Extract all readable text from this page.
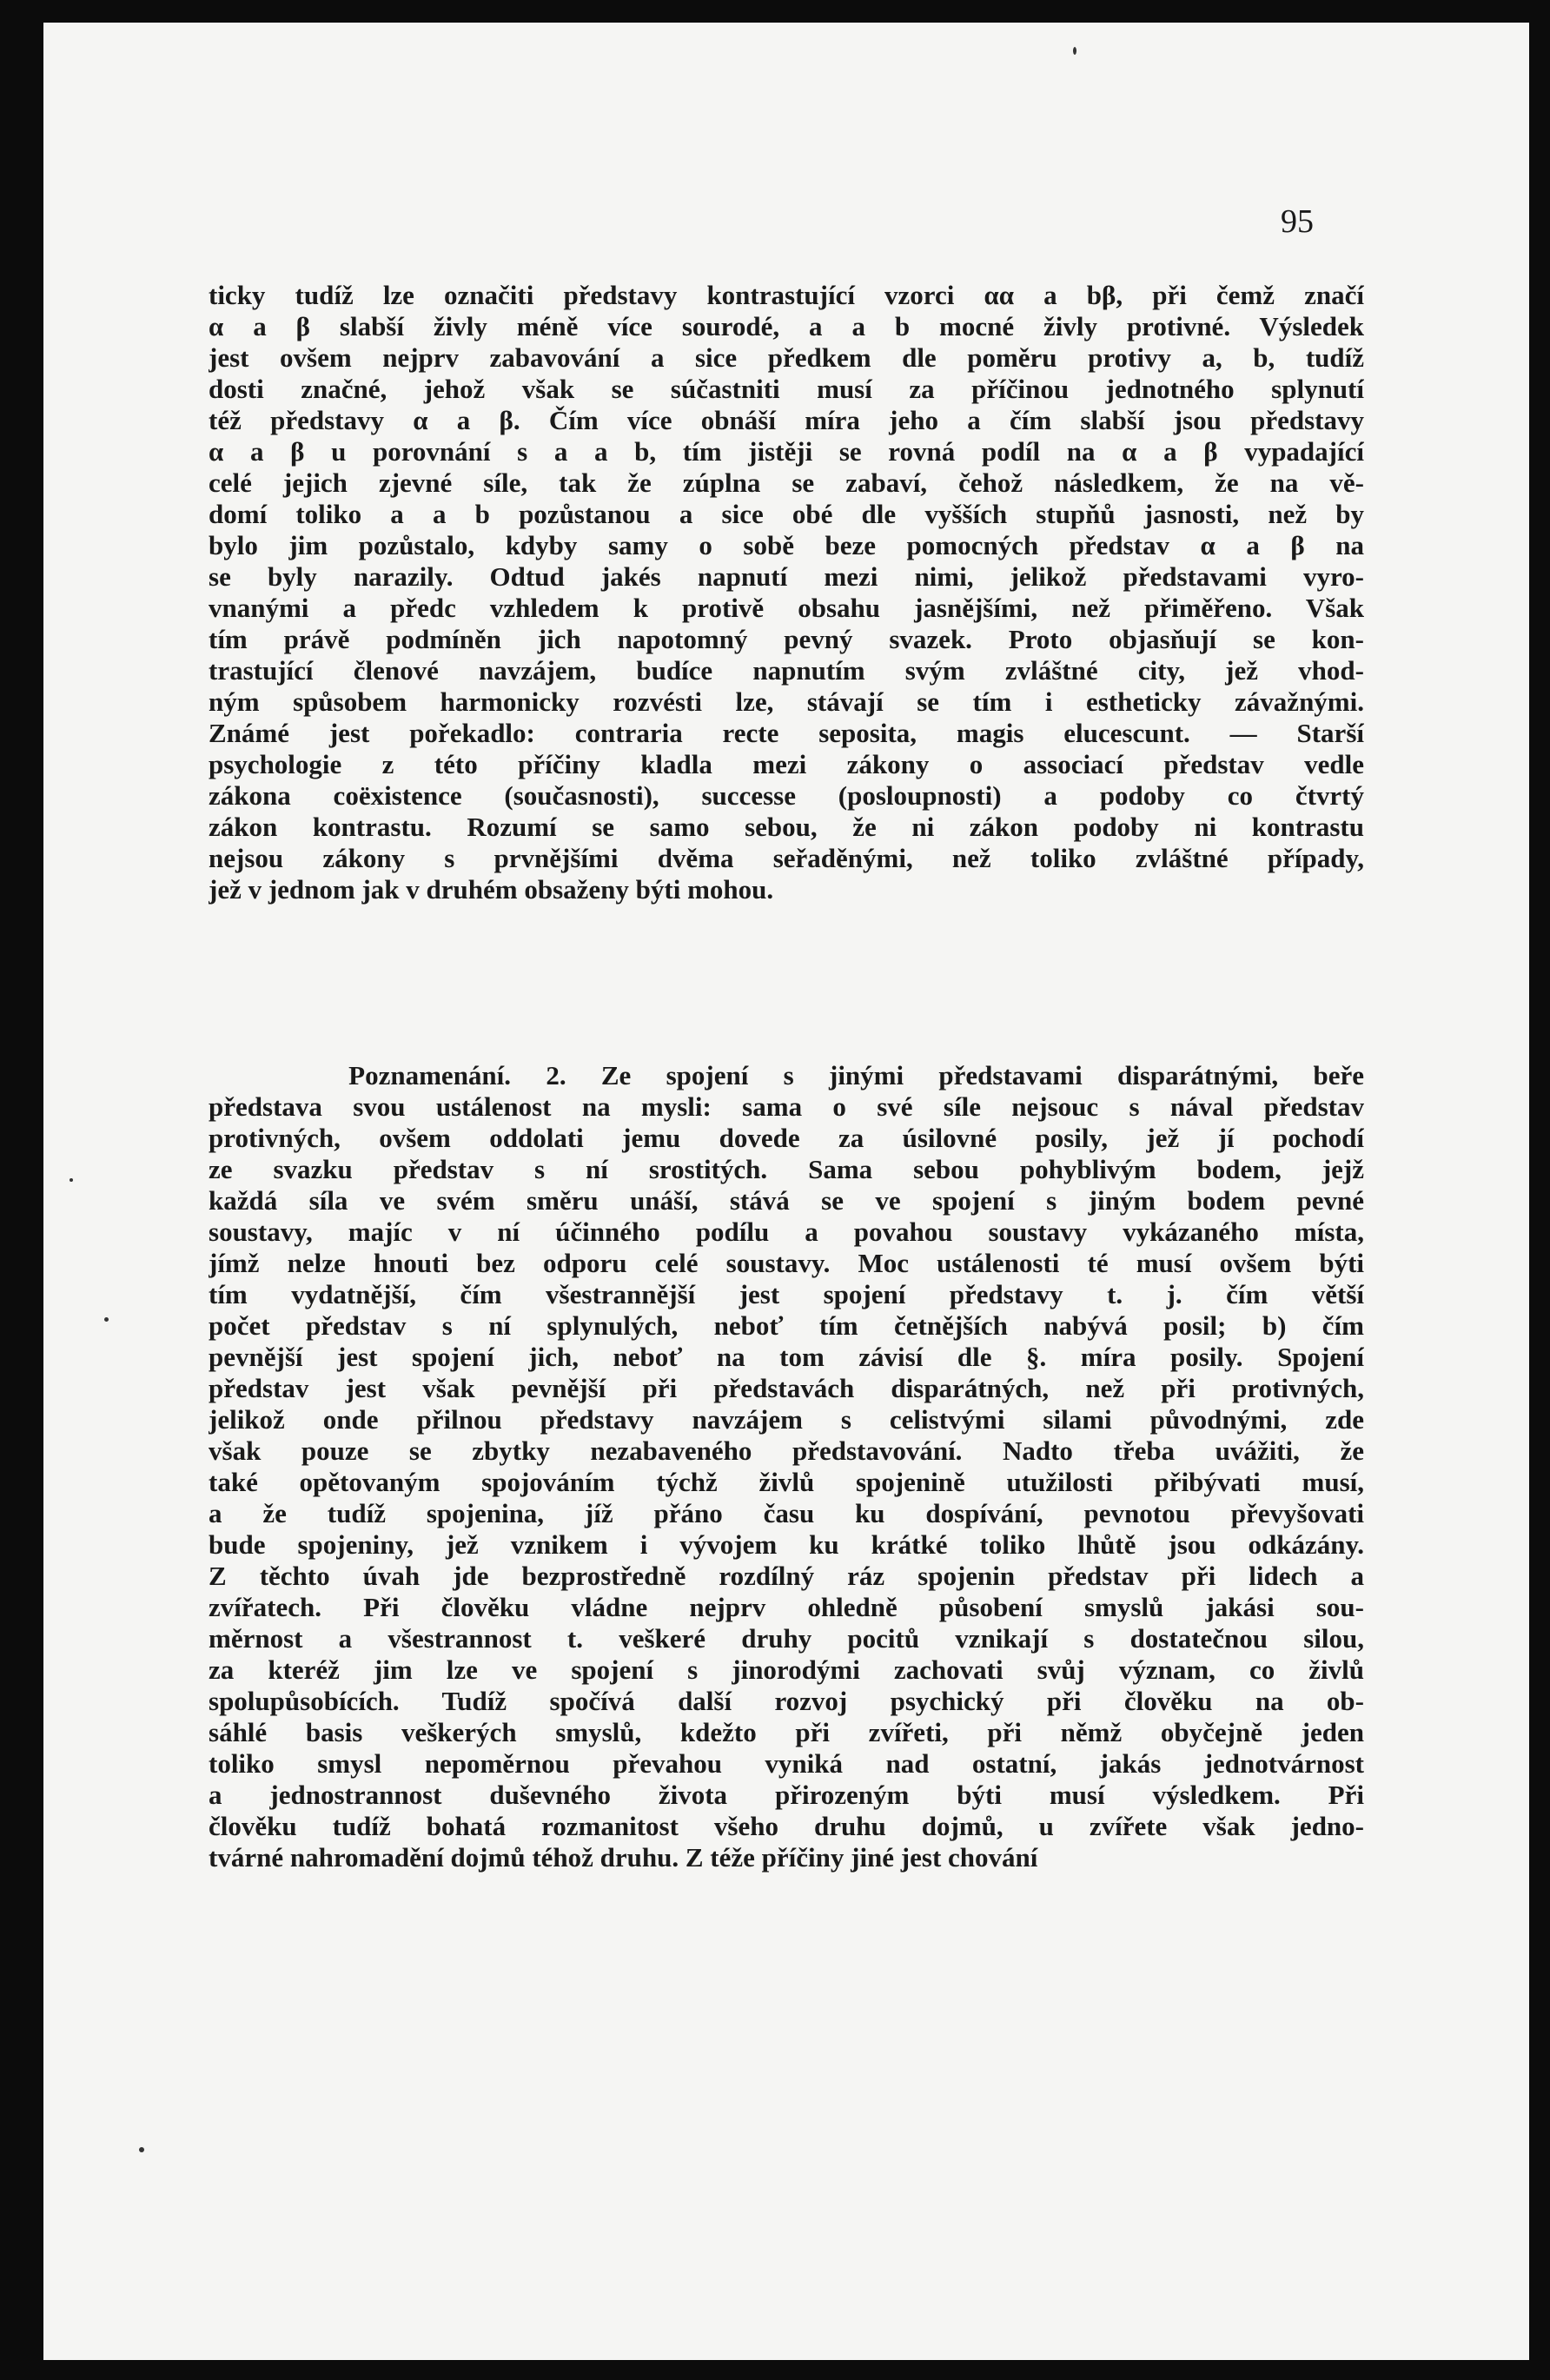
95

ticky tudíž lze označiti představy kontrastující vzorci αα a bβ, při čemž značí
α a β slabší živly méně více sourodé, a a b mocné živly protivné. Výsledek
jest ovšem nejprv zabavování a sice předkem dle poměru protivy a, b, tudíž
dosti značné, jehož však se súčastniti musí za příčinou jednotného splynutí
též představy α a β. Čím více obnáší míra jeho a čím slabší jsou představy
α a β u porovnání s a a b, tím jistěji se rovná podíl na α a β vypadající
celé jejich zjevné síle, tak že zúplna se zabaví, čehož následkem, že na vě-
domí toliko a a b pozůstanou a sice obé dle vyšších stupňů jasnosti, než by
bylo jim pozůstalo, kdyby samy o sobě beze pomocných představ α a β na
se byly narazily. Odtud jakés napnutí mezi nimi, jelikož představami vyro-
vnanými a předc vzhledem k protivě obsahu jasnějšími, než přiměřeno. Však
tím právě podmíněn jich napotomný pevný svazek. Proto objasňují se kon-
trastující členové navzájem, budíce napnutím svým zvláštné city, jež vhod-
ným spůsobem harmonicky rozvésti lze, stávají se tím i estheticky závažnými.
Známé jest pořekadlo: contraria recte seposita, magis elucescunt. — Starší
psychologie z této příčiny kladla mezi zákony o associací představ vedle
zákona coëxistence (současnosti), successe (posloupnosti) a podoby co čtvrtý
zákon kontrastu. Rozumí se samo sebou, že ni zákon podoby ni kontrastu
nejsou zákony s prvnějšími dvěma seřaděnými, než toliko zvláštné případy,
jež v jednom jak v druhém obsaženy býti mohou.

Poznamenání. 2. Ze spojení s jinými představami disparátnými, beře
představa svou ustálenost na mysli: sama o své síle nejsouc s nával představ
protivných, ovšem oddolati jemu dovede za úsilovné posily, jež jí pochodí
ze svazku představ s ní srostitých. Sama sebou pohyblivým bodem, jejž
každá síla ve svém směru unáší, stává se ve spojení s jiným bodem pevné
soustavy, majíc v ní účinného podílu a povahou soustavy vykázaného místa,
jímž nelze hnouti bez odporu celé soustavy. Moc ustálenosti té musí ovšem býti
tím vydatnější, čím všestrannější jest spojení představy t. j. čím větší
počet představ s ní splynulých, neboť tím četnějších nabývá posil; b) čím
pevnější jest spojení jich, neboť na tom závisí dle §. míra posily. Spojení
představ jest však pevnější při představách disparátných, než při protivných,
jelikož onde přilnou představy navzájem s celistvými silami původnými, zde
však pouze se zbytky nezabaveného představování. Nadto třeba uvážiti, že
také opětovaným spojováním týchž živlů spojenině utužilosti přibývati musí,
a že tudíž spojenina, jíž přáno času ku dospívání, pevnotou převyšovati
bude spojeniny, jež vznikem i vývojem ku krátké toliko lhůtě jsou odkázány.
Z těchto úvah jde bezprostředně rozdílný ráz spojenin představ při lidech a
zvířatech. Při člověku vládne nejprv ohledně působení smyslů jakási sou-
měrnost a všestrannost t. veškeré druhy pocitů vznikají s dostatečnou silou,
za kteréž jim lze ve spojení s jinorodými zachovati svůj význam, co živlů
spolupůsobících. Tudíž spočívá další rozvoj psychický při člověku na ob-
sáhlé basis veškerých smyslů, kdežto při zvířeti, při němž obyčejně jeden
toliko smysl nepoměrnou převahou vyniká nad ostatní, jakás jednotvárnost
a jednostrannost duševného života přirozeným býti musí výsledkem. Při
člověku tudíž bohatá rozmanitost všeho druhu dojmů, u zvířete však jedno-
tvárné nahromadění dojmů téhož druhu. Z téže příčiny jiné jest chování
